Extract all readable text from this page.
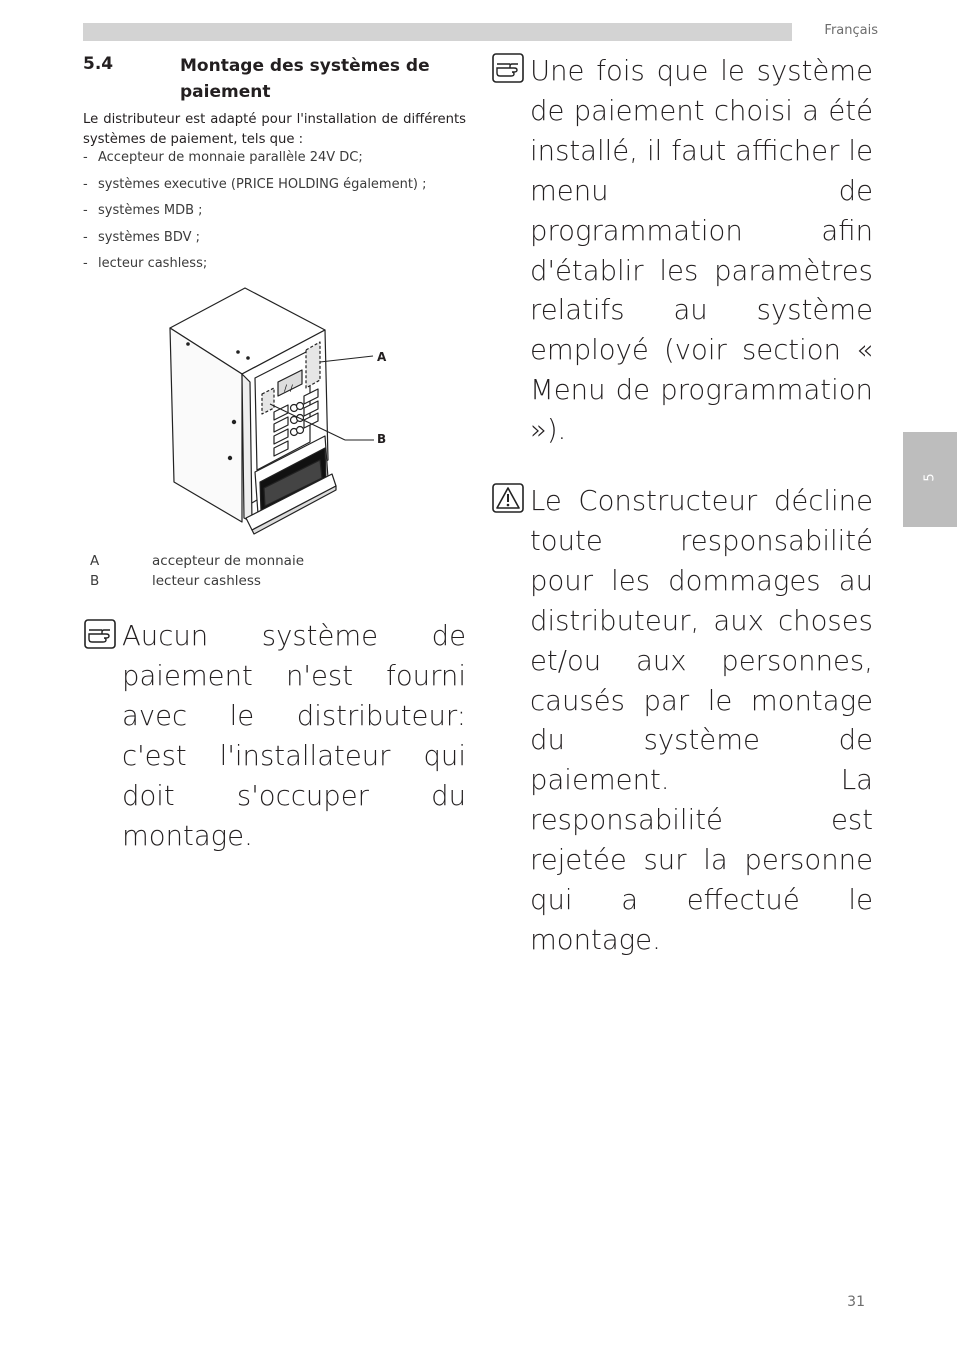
Français
5
5.4	Montage des systèmes de paiement
Le distributeur est adapté pour l'installation de différents systèmes de paiement, tels que :
- Accepteur de monnaie parallèle 24V DC;
- systèmes executive (PRICE HOLDING également) ;
- systèmes MDB ;
- systèmes BDV ;
- lecteur cashless;
/ /
A
B
A	accepteur de monnaie
B	lecteur cashless
Aucun système de paiement n'est fourni avec le distributeur: c'est l'installateur qui doit s'occuper du montage.
Une fois que le système de paiement choisi a été installé, il faut afficher le menu de programmation afin d'établir les paramètres relatifs au système employé (voir section « Menu de programmation »).
Le Constructeur décline toute responsabilité pour les dommages au distributeur, aux choses et/ou aux personnes, causés par le montage du système de paiement. La responsabilité est rejetée sur la personne qui a effectué le montage.
31
